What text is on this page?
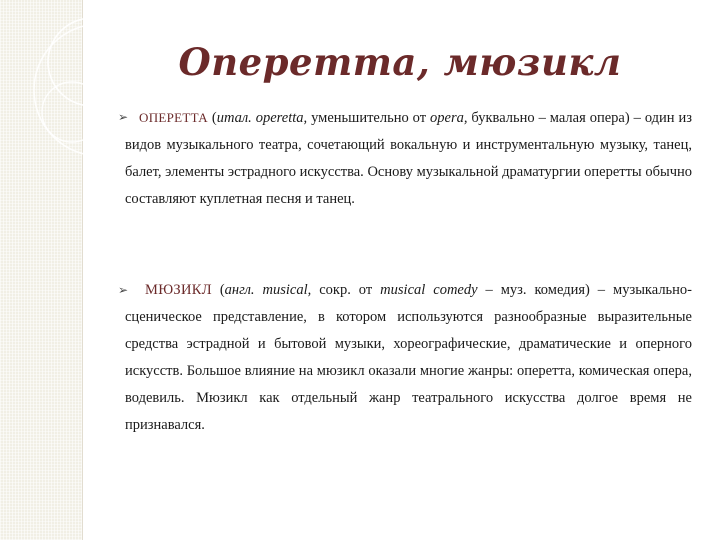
Оперетта, мюзикл
➢ ОПЕРЕТТА (итал. operetta, уменьшительно от opera, буквально – малая опера) – один из видов музыкального театра, сочетающий вокальную и инструментальную музыку, танец, балет, элементы эстрадного искусства. Основу музыкальной драматургии оперетты обычно составляют куплетная песня и танец.

➢	МЮЗИКЛ (англ. musical, сокр. от musical comedy – муз. комедия) – музыкально-сценическое представление, в котором используются разнообразные выразительные средства эстрадной и бытовой музыки, хореографические, драматические и оперного искусств. Большое влияние на мюзикл оказали многие жанры: оперетта, комическая опера, водевиль. Мюзикл как отдельный жанр театрального искусства долгое время не признавался.
